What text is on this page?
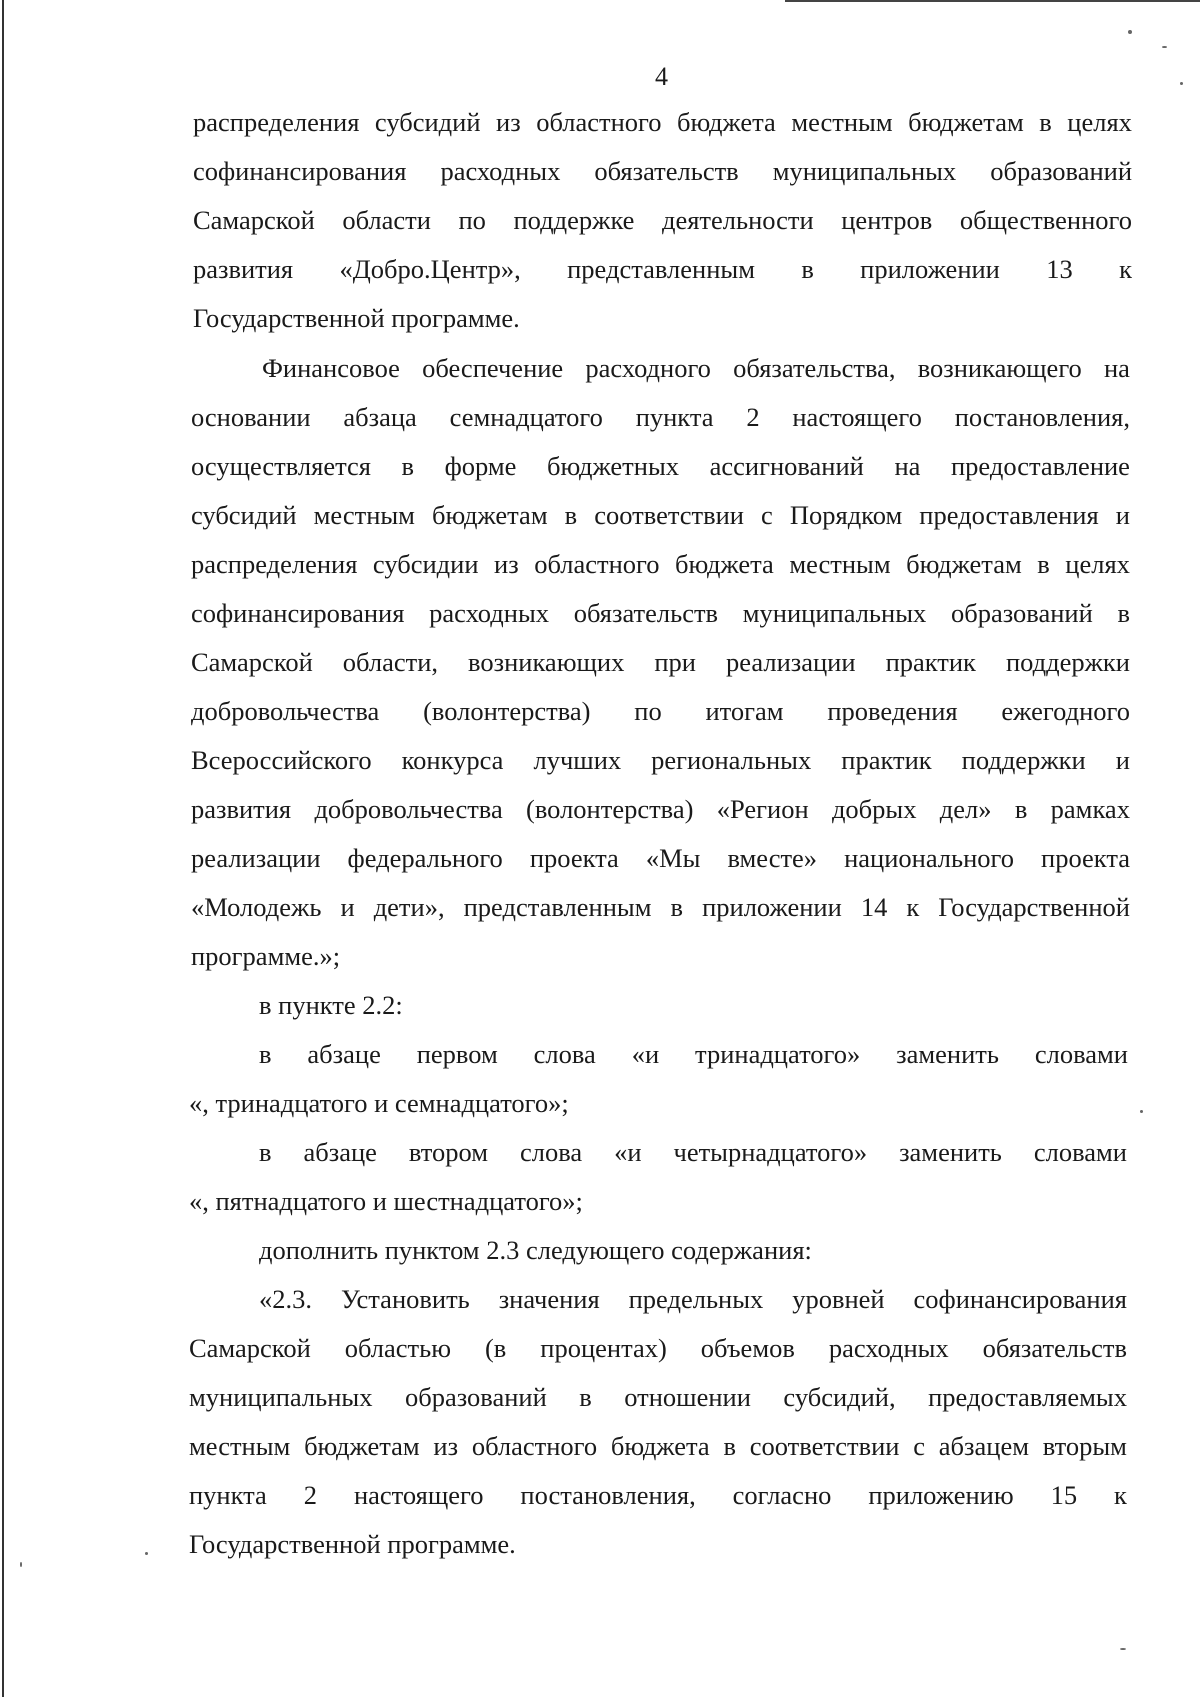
4
распределения субсидий из областного бюджета местным бюджетам в целях
софинансирования расходных обязательств муниципальных образований
Самарской области по поддержке деятельности центров общественного
развития «Добро.Центр», представленным в приложении 13 к
Государственной программе.
Финансовое обеспечение расходного обязательства, возникающего на
основании абзаца семнадцатого пункта 2 настоящего постановления,
осуществляется в форме бюджетных ассигнований на предоставление
субсидий местным бюджетам в соответствии с Порядком предоставления и
распределения субсидии из областного бюджета местным бюджетам в целях
софинансирования расходных обязательств муниципальных образований в
Самарской области, возникающих при реализации практик поддержки
добровольчества (волонтерства) по итогам проведения ежегодного
Всероссийского конкурса лучших региональных практик поддержки и
развития добровольчества (волонтерства) «Регион добрых дел» в рамках
реализации федерального проекта «Мы вместе» национального проекта
«Молодежь и дети», представленным в приложении 14 к Государственной
программе.»;
в пункте 2.2:
в абзаце первом слова «и тринадцатого» заменить словами
«, тринадцатого и семнадцатого»;
в абзаце втором слова «и четырнадцатого» заменить словами
«, пятнадцатого и шестнадцатого»;
дополнить пунктом 2.3 следующего содержания:
«2.3. Установить значения предельных уровней софинансирования
Самарской областью (в процентах) объемов расходных обязательств
муниципальных образований в отношении субсидий, предоставляемых
местным бюджетам из областного бюджета в соответствии с абзацем вторым
пункта 2 настоящего постановления, согласно приложению 15 к
Государственной программе.
